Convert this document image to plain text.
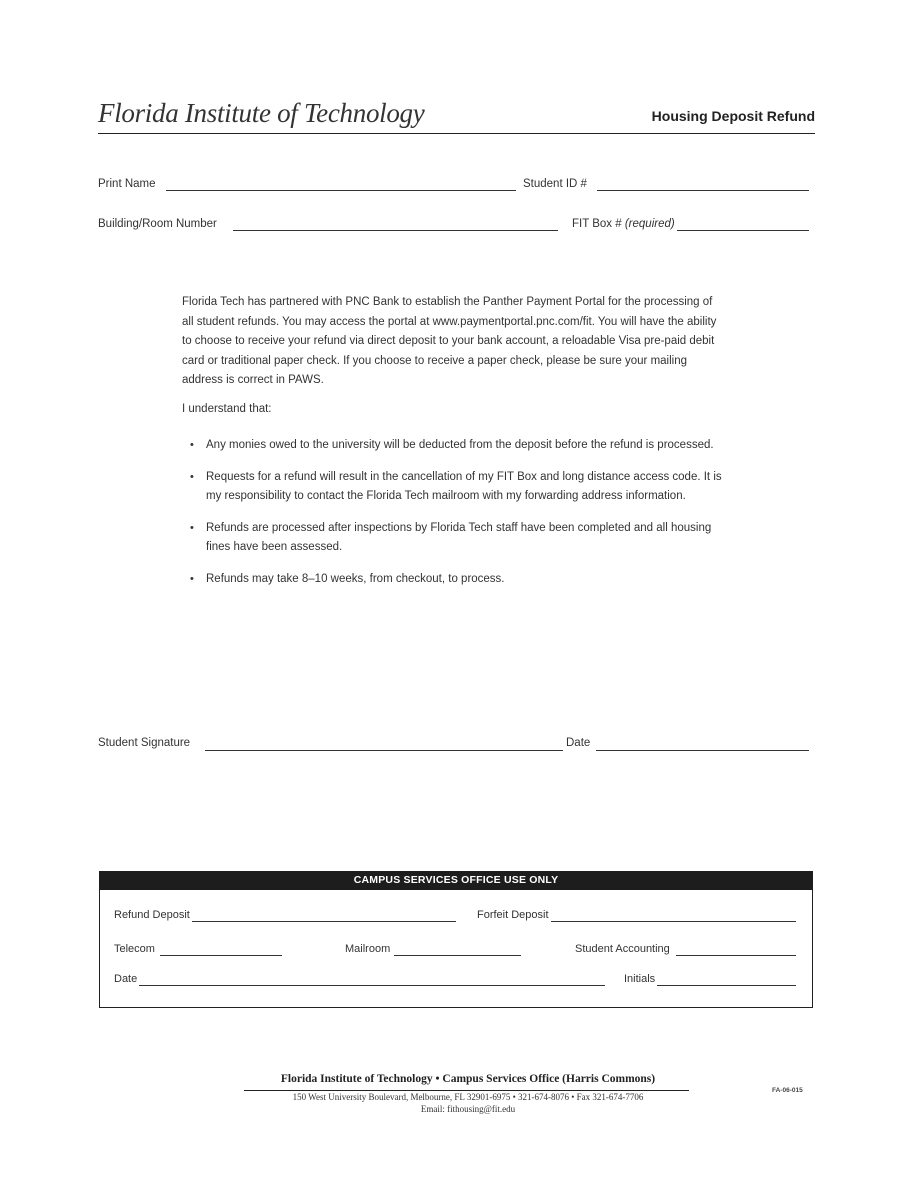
Florida Institute of Technology	Housing Deposit Refund
Print Name	Student ID #
Building/Room Number	FIT Box # (required)
Florida Tech has partnered with PNC Bank to establish the Panther Payment Portal for the processing of all student refunds. You may access the portal at www.paymentportal.pnc.com/fit. You will have the ability to choose to receive your refund via direct deposit to your bank account, a reloadable Visa pre-paid debit card or traditional paper check. If you choose to receive a paper check, please be sure your mailing address is correct in PAWS.
I understand that:
• Any monies owed to the university will be deducted from the deposit before the refund is processed.
• Requests for a refund will result in the cancellation of my FIT Box and long distance access code. It is my responsibility to contact the Florida Tech mailroom with my forwarding address information.
• Refunds are processed after inspections by Florida Tech staff have been completed and all housing fines have been assessed.
• Refunds may take 8–10 weeks, from checkout, to process.
Student Signature	Date
CAMPUS SERVICES OFFICE USE ONLY
Refund Deposit	Forfeit Deposit
Telecom	Mailroom	Student Accounting
Date	Initials
Florida Institute of Technology • Campus Services Office (Harris Commons)
150 West University Boulevard, Melbourne, FL 32901-6975 • 321-674-8076 • Fax 321-674-7706
Email: fithousing@fit.edu
FA-06-015
